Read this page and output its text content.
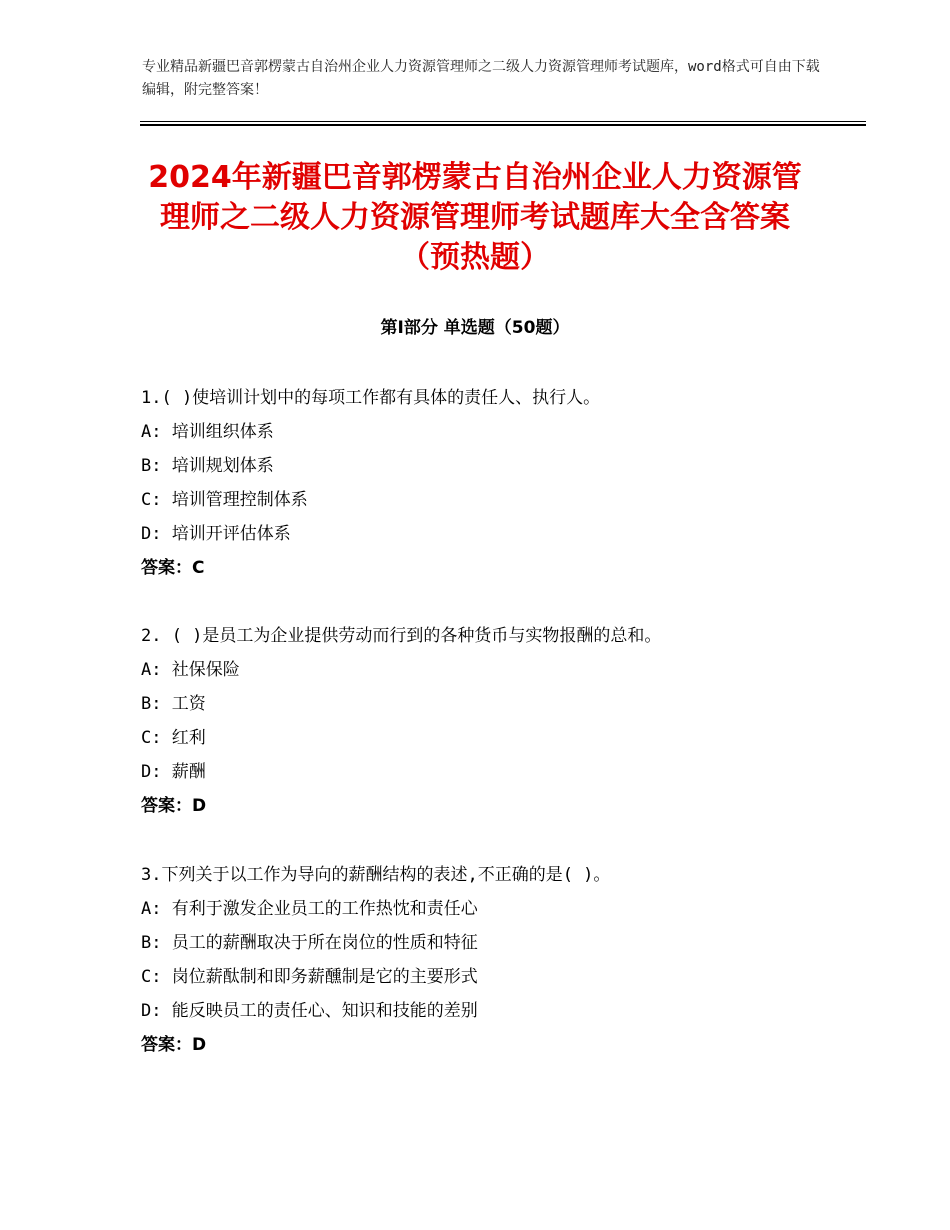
专业精品新疆巴音郭楞蒙古自治州企业人力资源管理师之二级人力资源管理师考试题库，word格式可自由下载编辑，附完整答案！
2024年新疆巴音郭楞蒙古自治州企业人力资源管理师之二级人力资源管理师考试题库大全含答案（预热题）
第Ⅰ部分 单选题（50题）
1.( )使培训计划中的每项工作都有具体的责任人、执行人。
A: 培训组织体系
B: 培训规划体系
C: 培训管理控制体系
D: 培训开评估体系
答案：C
2. ( )是员工为企业提供劳动而行到的各种货币与实物报酬的总和。
A: 社保保险
B: 工资
C: 红利
D: 薪酬
答案：D
3.下列关于以工作为导向的薪酬结构的表述,不正确的是( )。
A: 有利于激发企业员工的工作热忱和责任心
B: 员工的薪酬取决于所在岗位的性质和特征
C: 岗位薪酞制和即务薪醺制是它的主要形式
D: 能反映员工的责任心、知识和技能的差别
答案：D
